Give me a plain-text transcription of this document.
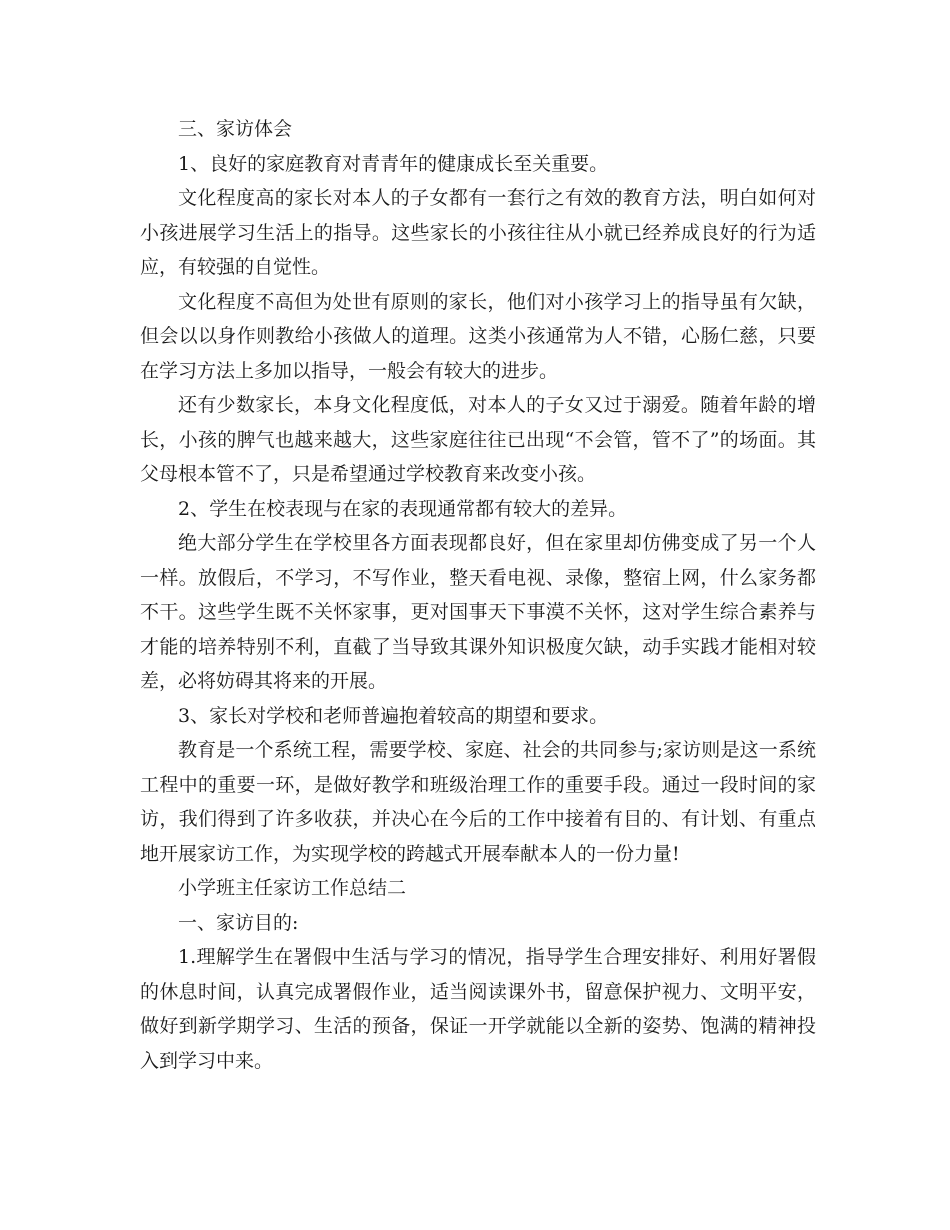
三、家访体会

1、良好的家庭教育对青青年的健康成长至关重要。

文化程度高的家长对本人的子女都有一套行之有效的教育方法，明白如何对小孩进展学习生活上的指导。这些家长的小孩往往从小就已经养成良好的行为适应，有较强的自觉性。

文化程度不高但为处世有原则的家长，他们对小孩学习上的指导虽有欠缺，但会以以身作则教给小孩做人的道理。这类小孩通常为人不错，心肠仁慈，只要在学习方法上多加以指导，一般会有较大的进步。

还有少数家长，本身文化程度低，对本人的子女又过于溺爱。随着年龄的增长，小孩的脾气也越来越大，这些家庭往往已出现“不会管，管不了”的场面。其父母根本管不了，只是希望通过学校教育来改变小孩。

2、学生在校表现与在家的表现通常都有较大的差异。

绝大部分学生在学校里各方面表现都良好，但在家里却仿佛变成了另一个人一样。放假后，不学习，不写作业，整天看电视、录像，整宿上网，什么家务都不干。这些学生既不关怀家事，更对国事天下事漠不关怀，这对学生综合素养与才能的培养特别不利，直截了当导致其课外知识极度欠缺，动手实践才能相对较差，必将妨碍其将来的开展。

3、家长对学校和老师普遍抱着较高的期望和要求。

教育是一个系统工程，需要学校、家庭、社会的共同参与;家访则是这一系统工程中的重要一环，是做好教学和班级治理工作的重要手段。通过一段时间的家访，我们得到了许多收获，并决心在今后的工作中接着有目的、有计划、有重点地开展家访工作，为实现学校的跨越式开展奉献本人的一份力量!

小学班主任家访工作总结二

一、家访目的:

1.理解学生在署假中生活与学习的情况，指导学生合理安排好、利用好署假的休息时间，认真完成署假作业，适当阅读课外书，留意保护视力、文明平安，做好到新学期学习、生活的预备，保证一开学就能以全新的姿势、饱满的精神投入到学习中来。
